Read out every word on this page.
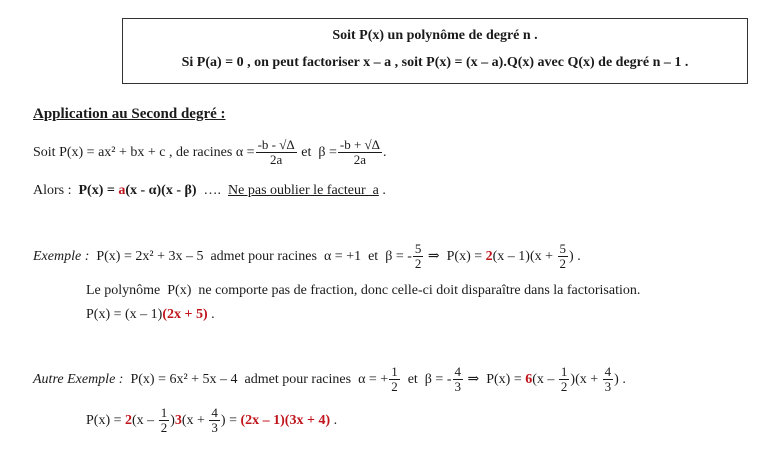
Soit P(x) un polynôme de degré n .
Si P(a) = 0 , on peut factoriser x – a , soit P(x) = (x – a).Q(x) avec Q(x) de degré n – 1 .
Application au Second degré :
Soit P(x) = ax² + bx + c , de racines $\alpha = \frac{-b - √\Delta}{2a}$ et  $\beta = \frac{-b + √\Delta}{2a}$ .
Alors :  P(x) = a(x - α)(x - β)  ….  Ne pas oublier le facteur  a .
Exemple : P(x) = 2x² + 3x – 5  admet pour racines  α = +1  et  β = - $\frac{5}{2}$ ⇒  P(x) = 2 $(x - 1)(x + \frac{5}{2}$ ) .
Le polynôme  P(x)  ne comporte pas de fraction, donc celle-ci doit disparaître dans la factorisation.
P(x) = (x – 1)(2x + 5) .
Autre Exemple : P(x) = 6x² + 5x – 4  admet pour racines  α = + $\frac{1}{2}$ et  β = - $\frac{4}{3}$ ⇒  P(x) = 6 $(x - \frac{1}{2} )(x + \frac{4}{3}$ ) .
P(x) = 2 ($x - \frac{1}{2}$ ) 3 ($x + \frac{4}{3}$ ) = (2x – 1)(3x + 4) .
